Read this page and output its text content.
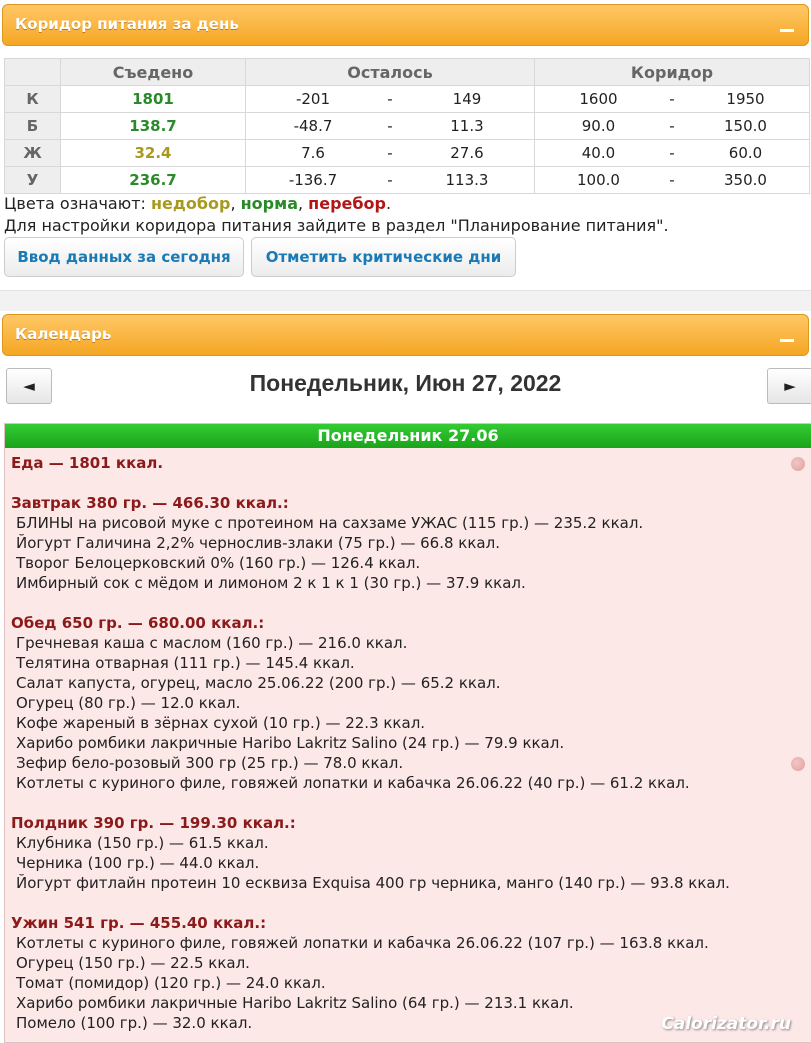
Коридор питания за день
	Съедено	Осталось	Коридор
К	1801	-201 - 149	1600 - 1950

Б	138.7	-48.7 - 11.3	90.0 - 150.0

Ж	32.4	7.6 - 27.6	40.0 - 60.0

У	236.7	-136.7 - 113.3	100.0 - 350.0
Цвета означают: недобор, норма, перебор.
Для настройки коридора питания зайдите в раздел "Планирование питания".
Ввод данных за сегодня	Отметить критические дни
Календарь
◄	Понедельник, Июн 27, 2022	►
Понедельник 27.06
Еда — 1801 ккал.
Завтрак 380 гр. — 466.30 ккал.:
БЛИНЫ на рисовой муке с протеином на сахзаме УЖАС (115 гр.) — 235.2 ккал.
Йогурт Галичина 2,2% чернослив-злаки (75 гр.) — 66.8 ккал.
Творог Белоцерковский 0% (160 гр.) — 126.4 ккал.
Имбирный сок с мёдом и лимоном 2 к 1 к 1 (30 гр.) — 37.9 ккал.
Обед 650 гр. — 680.00 ккал.:
Гречневая каша с маслом (160 гр.) — 216.0 ккал.
Телятина отварная (111 гр.) — 145.4 ккал.
Салат капуста, огурец, масло 25.06.22 (200 гр.) — 65.2 ккал.
Огурец (80 гр.) — 12.0 ккал.
Кофе жареный в зёрнах сухой (10 гр.) — 22.3 ккал.
Харибо ромбики лакричные Haribo Lakritz Salino (24 гр.) — 79.9 ккал.
Зефир бело-розовый 300 гр (25 гр.) — 78.0 ккал.
Котлеты с куриного филе, говяжей лопатки и кабачка 26.06.22 (40 гр.) — 61.2 ккал.
Полдник 390 гр. — 199.30 ккал.:
Клубника (150 гр.) — 61.5 ккал.
Черника (100 гр.) — 44.0 ккал.
Йогурт фитлайн протеин 10 есквиза Exquisa 400 гр черника, манго (140 гр.) — 93.8 ккал.
Ужин 541 гр. — 455.40 ккал.:
Котлеты с куриного филе, говяжей лопатки и кабачка 26.06.22 (107 гр.) — 163.8 ккал.
Огурец (150 гр.) — 22.5 ккал.
Томат (помидор) (120 гр.) — 24.0 ккал.
Харибо ромбики лакричные Haribo Lakritz Salino (64 гр.) — 213.1 ккал.
Помело (100 гр.) — 32.0 ккал.	Calorizator.ru
